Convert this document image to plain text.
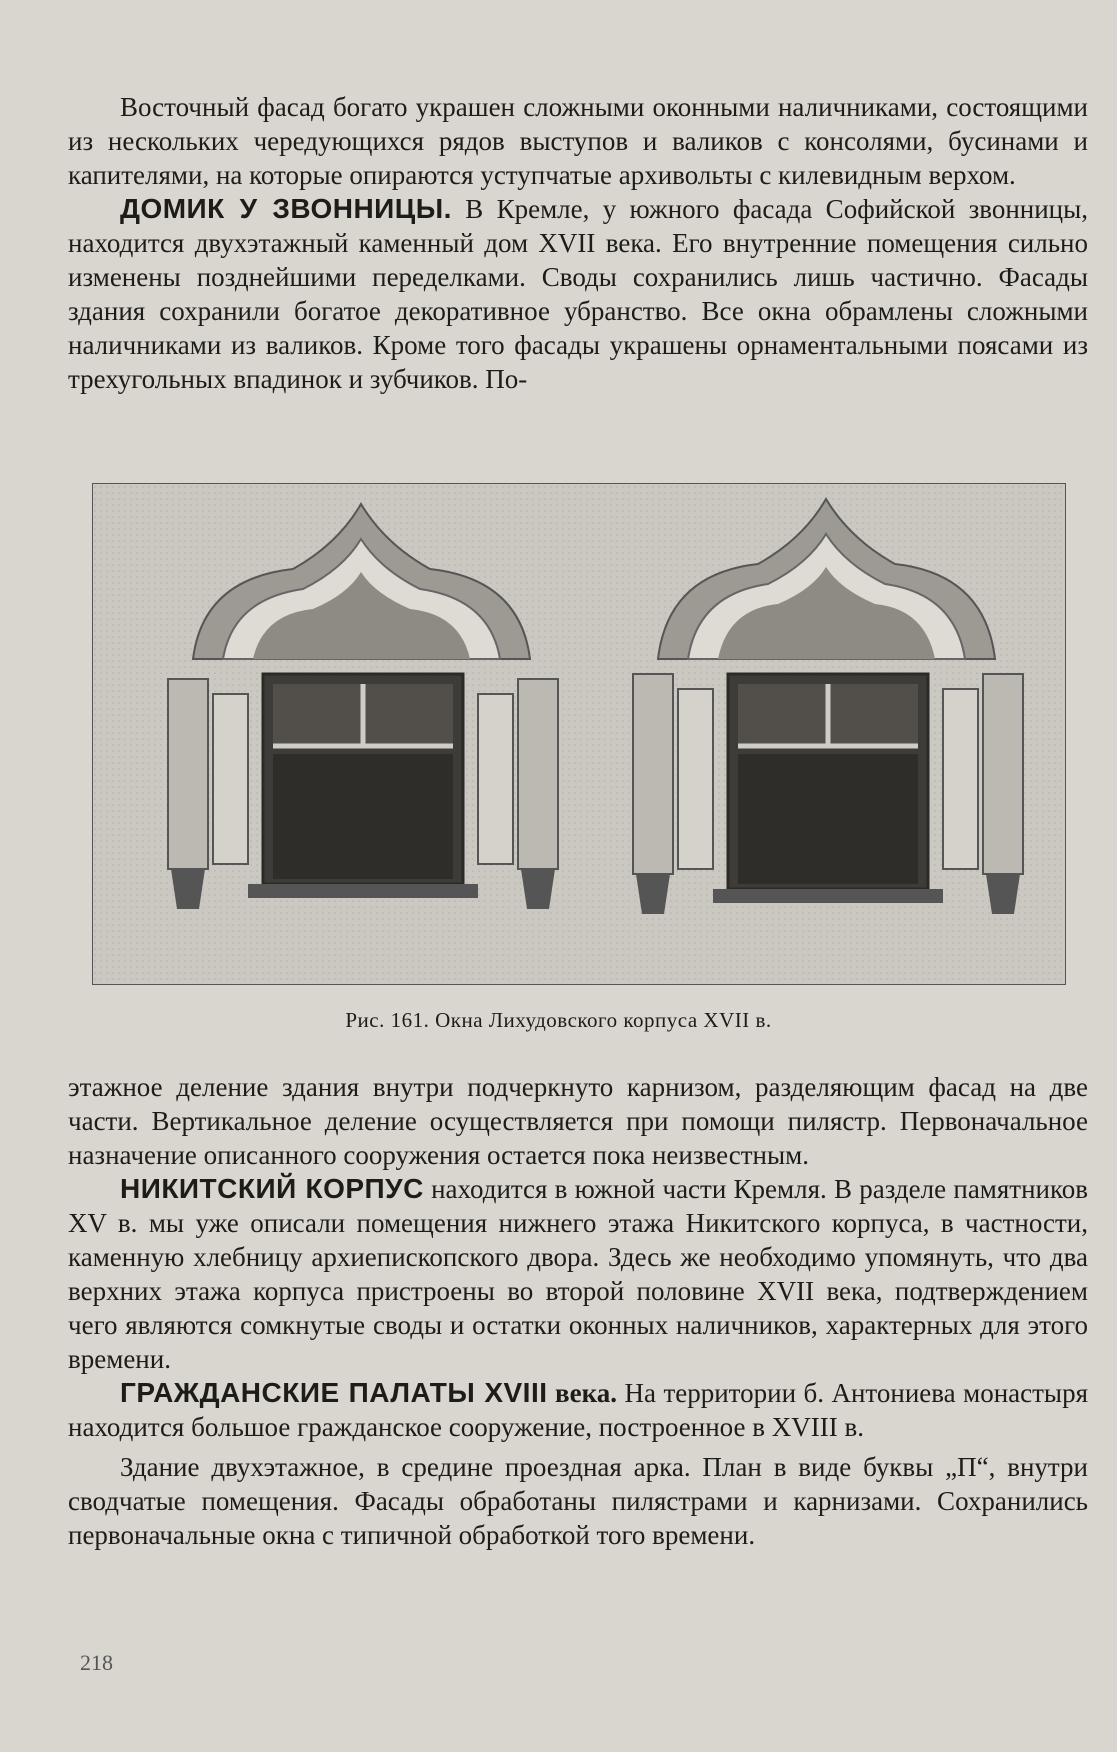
Восточный фасад богато украшен сложными оконными наличниками, состоящими из нескольких чередующихся рядов выступов и валиков с консолями, бусинами и капителями, на которые опираются уступчатые архивольты с килевидным верхом.

ДОМИК У ЗВОННИЦЫ. В Кремле, у южного фасада Софийской звонницы, находится двухэтажный каменный дом XVII века. Его внутренние помещения сильно изменены позднейшими переделками. Своды сохранились лишь частично. Фасады здания сохранили богатое декоративное убранство. Все окна обрамлены сложными наличниками из валиков. Кроме того фасады украшены орнаментальными поясами из трехугольных впадинок и зубчиков. По-

Рис. 161. Окна Лихудовского корпуса XVII в.

этажное деление здания внутри подчеркнуто карнизом, разделяющим фасад на две части. Вертикальное деление осуществляется при помощи пилястр. Первоначальное назначение описанного сооружения остается пока неизвестным.

НИКИТСКИЙ КОРПУС находится в южной части Кремля. В разделе памятников XV в. мы уже описали помещения нижнего этажа Никитского корпуса, в частности, каменную хлебницу архиепископского двора. Здесь же необходимо упомянуть, что два верхних этажа корпуса пристроены во второй половине XVII века, подтверждением чего являются сомкнутые своды и остатки оконных наличников, характерных для этого времени.

ГРАЖДАНСКИЕ ПАЛАТЫ XVIII века. На территории б. Антониева монастыря находится большое гражданское сооружение, построенное в XVIII в.

Здание двухэтажное, в средине проездная арка. План в виде буквы „П“, внутри сводчатые помещения. Фасады обработаны пилястрами и карнизами. Сохранились первоначальные окна с типичной обработкой того времени.

218
